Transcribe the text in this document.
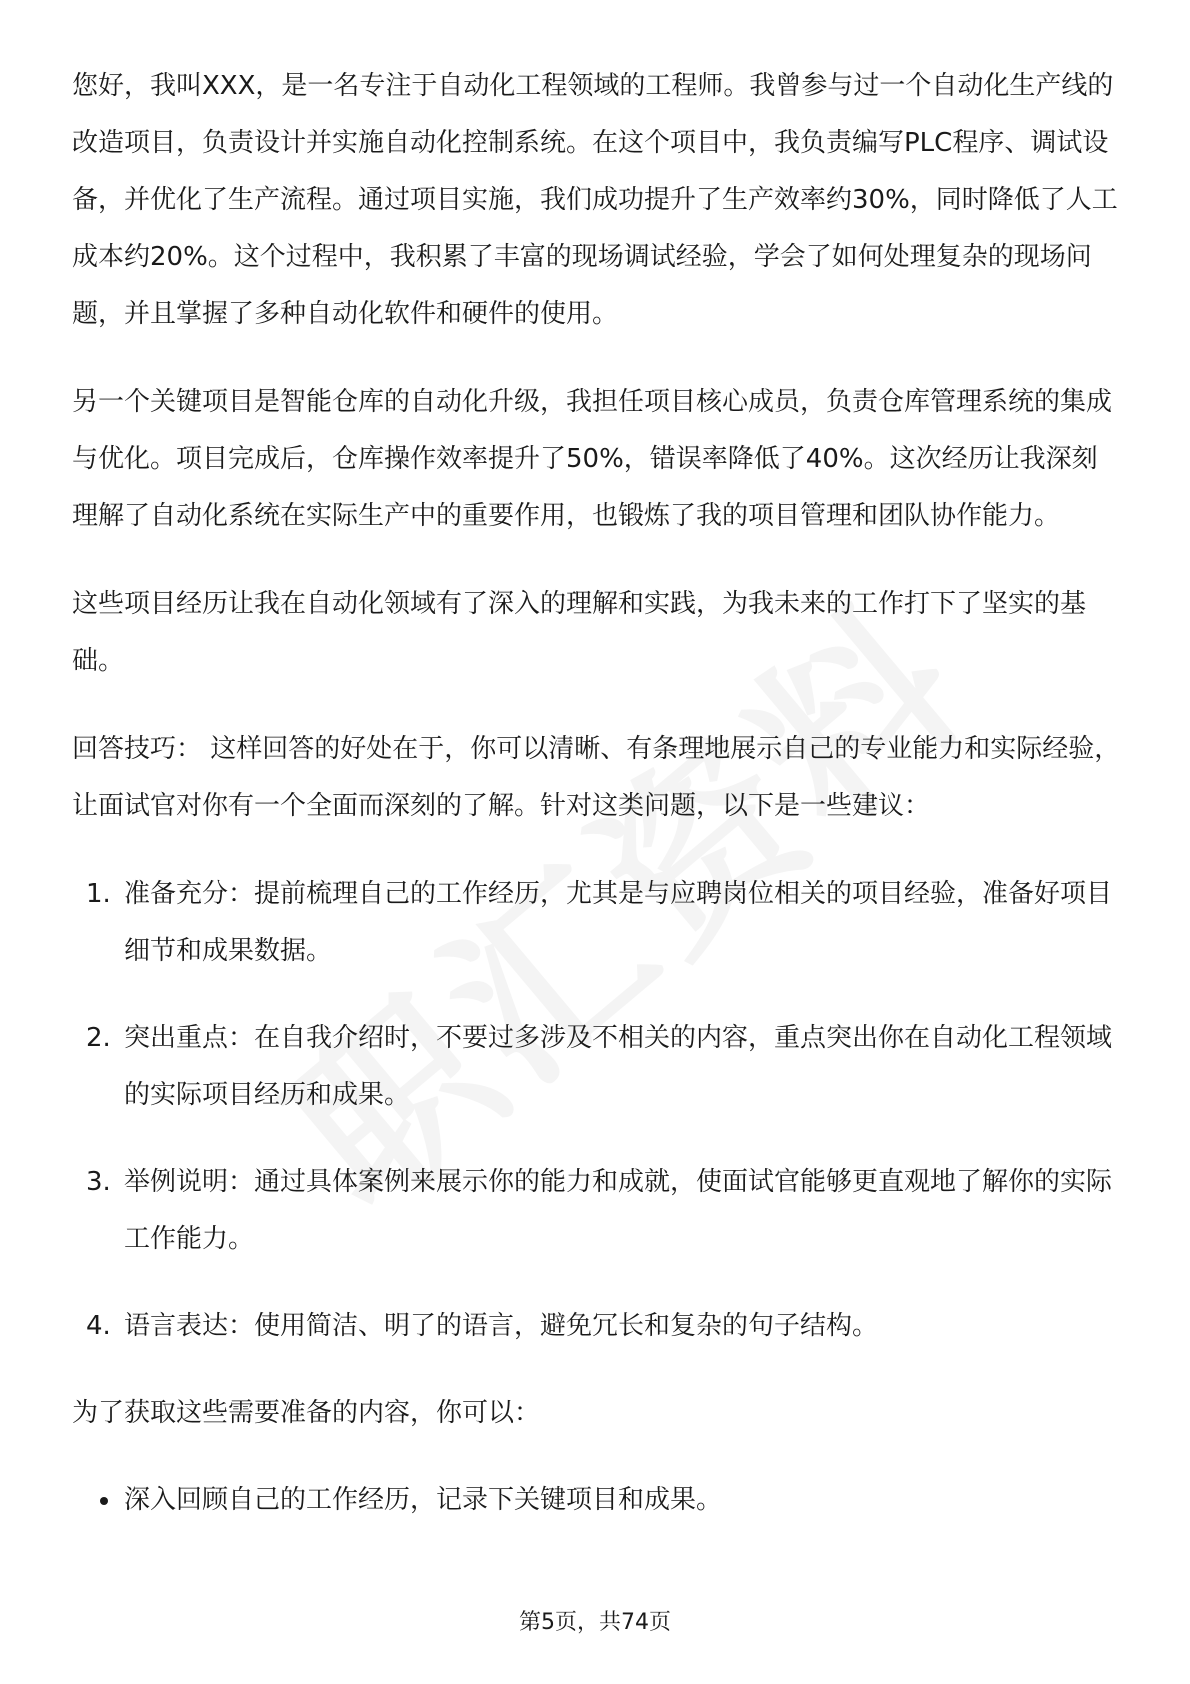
您好，我叫XXX，是一名专注于自动化工程领域的工程师。我曾参与过一个自动化生产线的改造项目，负责设计并实施自动化控制系统。在这个项目中，我负责编写PLC程序、调试设备，并优化了生产流程。通过项目实施，我们成功提升了生产效率约30%，同时降低了人工成本约20%。这个过程中，我积累了丰富的现场调试经验，学会了如何处理复杂的现场问题，并且掌握了多种自动化软件和硬件的使用。

另一个关键项目是智能仓库的自动化升级，我担任项目核心成员，负责仓库管理系统的集成与优化。项目完成后，仓库操作效率提升了50%，错误率降低了40%。这次经历让我深刻理解了自动化系统在实际生产中的重要作用，也锻炼了我的项目管理和团队协作能力。

这些项目经历让我在自动化领域有了深入的理解和实践，为我未来的工作打下了坚实的基础。

回答技巧： 这样回答的好处在于，你可以清晰、有条理地展示自己的专业能力和实际经验，让面试官对你有一个全面而深刻的了解。针对这类问题，以下是一些建议：

1. 准备充分：提前梳理自己的工作经历，尤其是与应聘岗位相关的项目经验，准备好项目细节和成果数据。

2. 突出重点：在自我介绍时，不要过多涉及不相关的内容，重点突出你在自动化工程领域的实际项目经历和成果。

3. 举例说明：通过具体案例来展示你的能力和成就，使面试官能够更直观地了解你的实际工作能力。

4. 语言表达：使用简洁、明了的语言，避免冗长和复杂的句子结构。

为了获取这些需要准备的内容，你可以：

深入回顾自己的工作经历，记录下关键项目和成果。

第5页，共74页
